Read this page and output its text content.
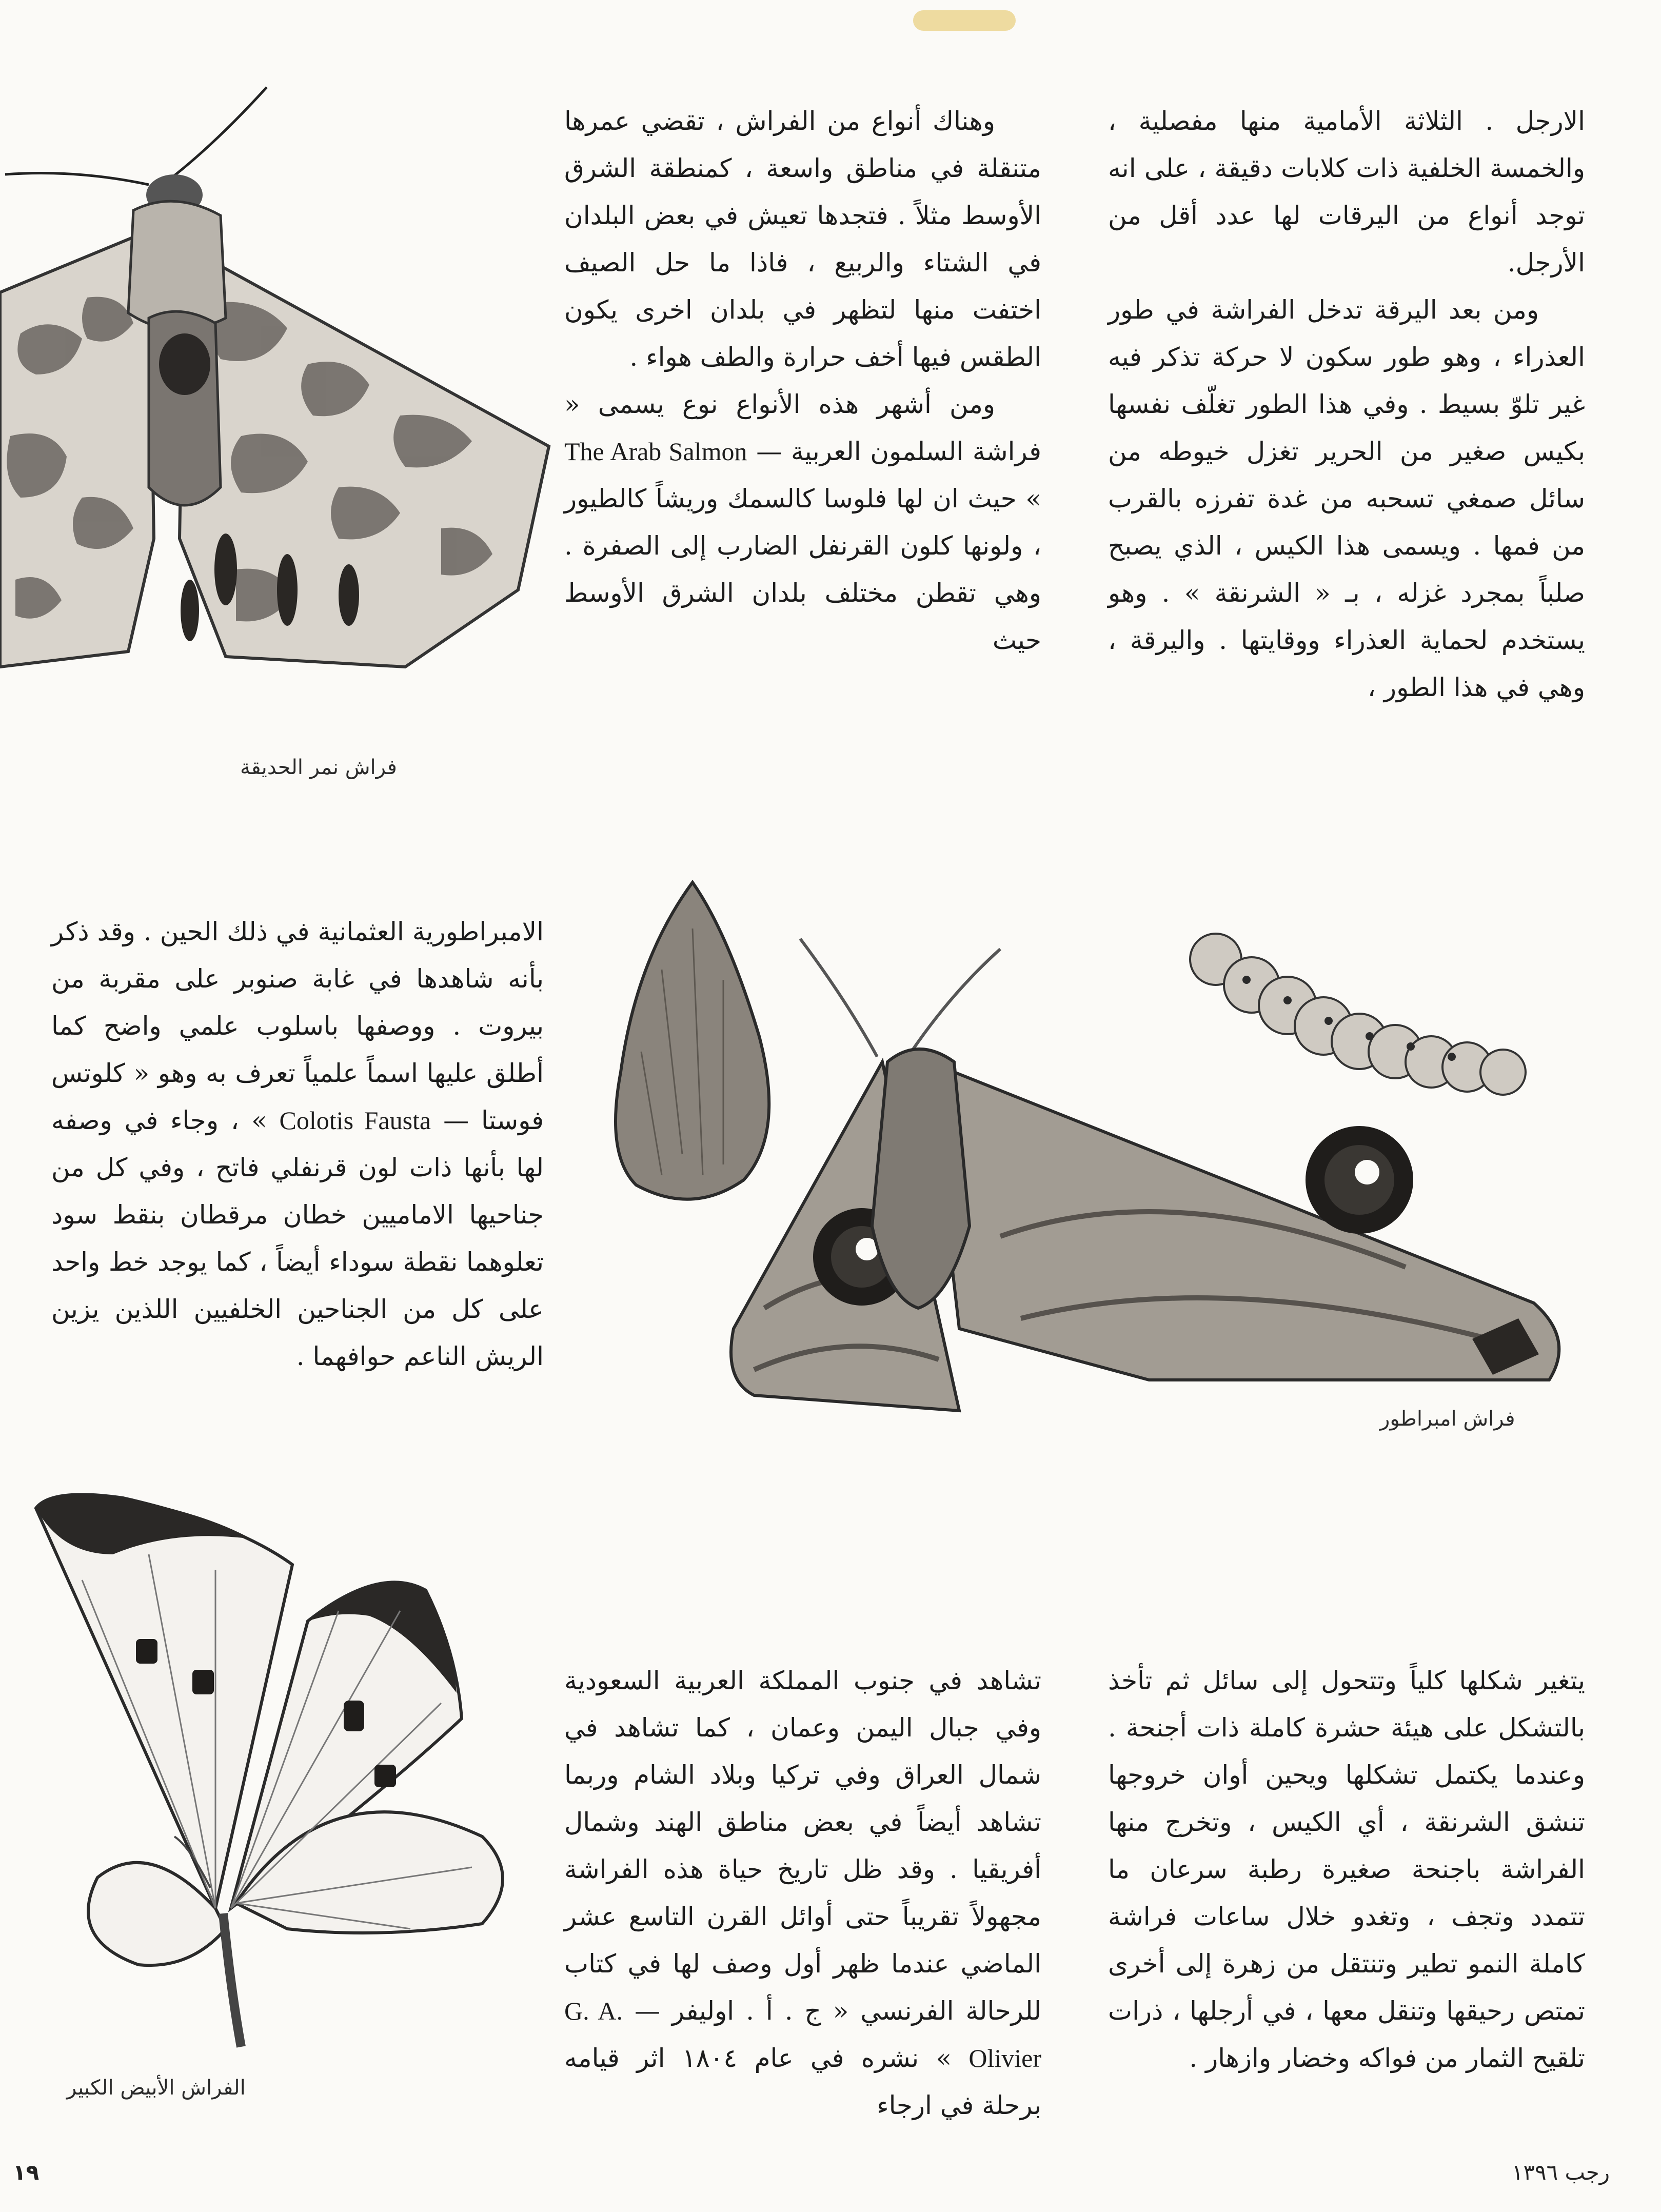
الارجل . الثلاثة الأمامية منها مفصلية ، والخمسة الخلفية ذات كلابات دقيقة ، على انه توجد أنواع من اليرقات لها عدد أقل من الأرجل.

ومن بعد اليرقة تدخل الفراشة في طور العذراء ، وهو طور سكون لا حركة تذكر فيه غير تلوّ بسيط . وفي هذا الطور تغلّف نفسها بكيس صغير من الحرير تغزل خيوطه من سائل صمغي تسحبه من غدة تفرزه بالقرب من فمها . ويسمى هذا الكيس ، الذي يصبح صلباً بمجرد غزله ، بـ « الشرنقة » . وهو يستخدم لحماية العذراء ووقايتها . واليرقة ، وهي في هذا الطور ،

وهناك أنواع من الفراش ، تقضي عمرها متنقلة في مناطق واسعة ، كمنطقة الشرق الأوسط مثلاً . فتجدها تعيش في بعض البلدان في الشتاء والربيع ، فاذا ما حل الصيف اختفت منها لتظهر في بلدان اخرى يكون الطقس فيها أخف حرارة والطف هواء .

ومن أشهر هذه الأنواع نوع يسمى « فراشة السلمون العربية — The Arab Salmon » حيث ان لها فلوسا كالسمك وريشاً كالطيور ، ولونها كلون القرنفل الضارب إلى الصفرة . وهي تقطن مختلف بلدان الشرق الأوسط حيث

فراش نمر الحديقة

الامبراطورية العثمانية في ذلك الحين . وقد ذكر بأنه شاهدها في غابة صنوبر على مقربة من بيروت . ووصفها باسلوب علمي واضح كما أطلق عليها اسماً علمياً تعرف به وهو « كلوتس فوستا — Colotis Fausta » ، وجاء في وصفه لها بأنها ذات لون قرنفلي فاتح ، وفي كل من جناحيها الاماميين خطان مرقطان بنقط سود تعلوهما نقطة سوداء أيضاً ، كما يوجد خط واحد على كل من الجناحين الخلفيين اللذين يزين الريش الناعم حوافهما .

فراش امبراطور

يتغير شكلها كلياً وتتحول إلى سائل ثم تأخذ بالتشكل على هيئة حشرة كاملة ذات أجنحة . وعندما يكتمل تشكلها ويحين أوان خروجها تنشق الشرنقة ، أي الكيس ، وتخرج منها الفراشة باجنحة صغيرة رطبة سرعان ما تتمدد وتجف ، وتغدو خلال ساعات فراشة كاملة النمو تطير وتنتقل من زهرة إلى أخرى تمتص رحيقها وتنقل معها ، في أرجلها ، ذرات تلقيح الثمار من فواكه وخضار وازهار .

تشاهد في جنوب المملكة العربية السعودية وفي جبال اليمن وعمان ، كما تشاهد في شمال العراق وفي تركيا وبلاد الشام وربما تشاهد أيضاً في بعض مناطق الهند وشمال أفريقيا . وقد ظل تاريخ حياة هذه الفراشة مجهولاً تقريباً حتى أوائل القرن التاسع عشر الماضي عندما ظهر أول وصف لها في كتاب للرحالة الفرنسي « ج . أ . اوليفر — G. A. Olivier » نشره في عام ١٨٠٤ اثر قيامه برحلة في ارجاء

الفراش الأبيض الكبير
رجب ١٣٩٦
١٩
